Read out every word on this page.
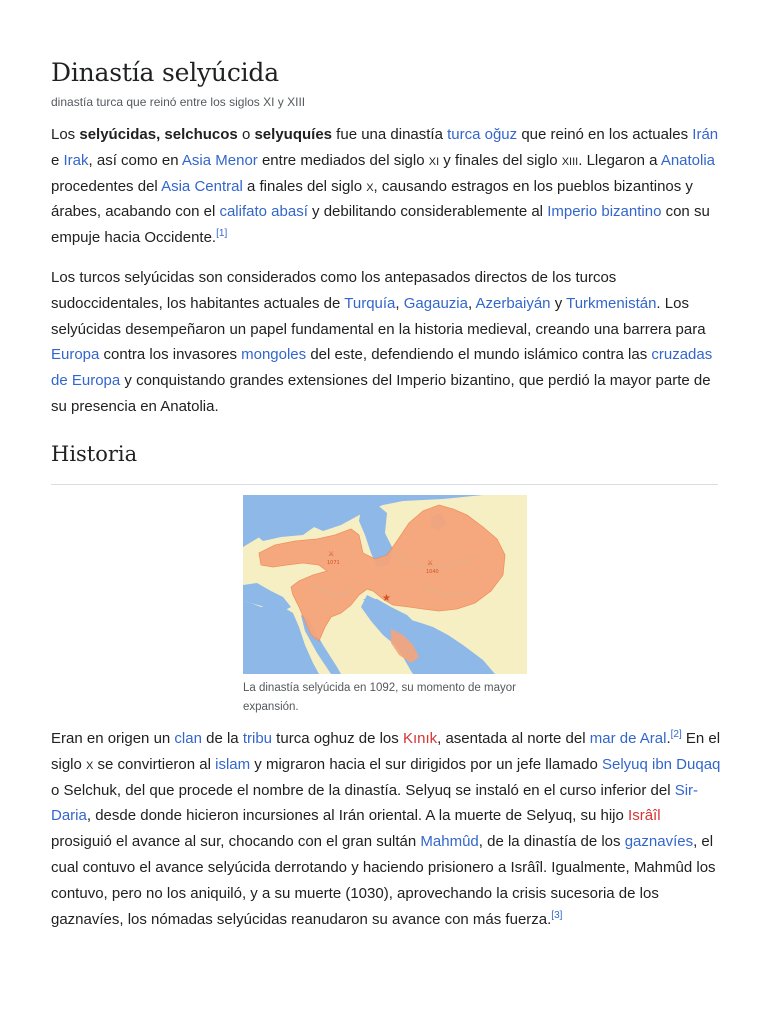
Dinastía selyúcida
dinastía turca que reinó entre los siglos XI y XIII

Los selyúcidas, selchucos o selyuquíes fue una dinastía turca oğuz que reinó en los actuales Irán e Irak, así como en Asia Menor entre mediados del siglo xi y finales del siglo xiii. Llegaron a Anatolia procedentes del Asia Central a finales del siglo x, causando estragos en los pueblos bizantinos y árabes, acabando con el califato abasí y debilitando considerablemente al Imperio bizantino con su empuje hacia Occidente.[1]

Los turcos selyúcidas son considerados como los antepasados directos de los turcos sudoccidentales, los habitantes actuales de Turquía, Gagauzia, Azerbaiyán y Turkmenistán. Los selyúcidas desempeñaron un papel fundamental en la historia medieval, creando una barrera para Europa contra los invasores mongoles del este, defendiendo el mundo islámico contra las cruzadas de Europa y conquistando grandes extensiones del Imperio bizantino, que perdió la mayor parte de su presencia en Anatolia.

Historia
★
⚔
1071	⚔
1040
La dinastía selyúcida en 1092, su momento de mayor expansión.

Eran en origen un clan de la tribu turca oghuz de los Kınık, asentada al norte del mar de Aral.[2] En el siglo x se convirtieron al islam y migraron hacia el sur dirigidos por un jefe llamado Selyuq ibn Duqaq o Selchuk, del que procede el nombre de la dinastía. Selyuq se instaló en el curso inferior del Sir-Daria, desde donde hicieron incursiones al Irán oriental. A la muerte de Selyuq, su hijo Isrâîl prosiguió el avance al sur, chocando con el gran sultán Mahmûd, de la dinastía de los gaznavíes, el cual contuvo el avance selyúcida derrotando y haciendo prisionero a Isrâîl. Igualmente, Mahmûd los contuvo, pero no los aniquiló, y a su muerte (1030), aprovechando la crisis sucesoria de los gaznavíes, los nómadas selyúcidas reanudaron su avance con más fuerza.[3]
